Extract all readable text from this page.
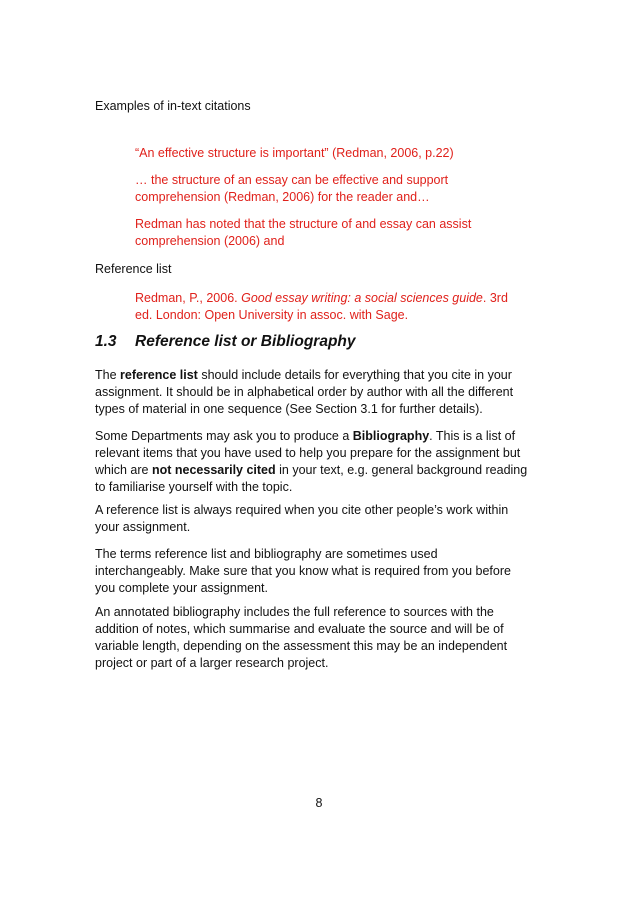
Examples of in-text citations
“An effective structure is important” (Redman, 2006, p.22)
… the structure of an essay can be effective and support
comprehension (Redman, 2006) for the reader and…
Redman has noted that the structure of and essay can assist
comprehension (2006) and
Reference list
Redman, P., 2006. Good essay writing: a social sciences guide. 3rd
ed. London: Open University in assoc. with Sage.
1.3 Reference list or Bibliography
The reference list should include details for everything that you cite in your
assignment. It should be in alphabetical order by author with all the different
types of material in one sequence (See Section 3.1 for further details).
Some Departments may ask you to produce a Bibliography. This is a list of
relevant items that you have used to help you prepare for the assignment but
which are not necessarily cited in your text, e.g. general background reading
to familiarise yourself with the topic.
A reference list is always required when you cite other people’s work within
your assignment.
The terms reference list and bibliography are sometimes used
interchangeably. Make sure that you know what is required from you before
you complete your assignment.
An annotated bibliography includes the full reference to sources with the
addition of notes, which summarise and evaluate the source and will be of
variable length, depending on the assessment this may be an independent
project or part of a larger research project.
8
